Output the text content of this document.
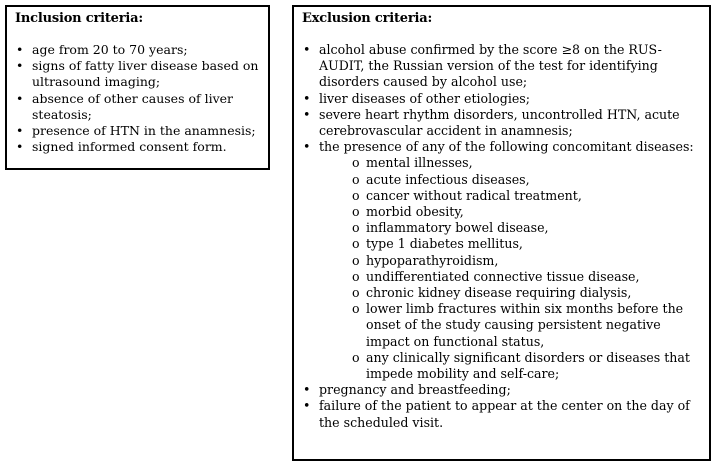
Inclusion criteria:
• age from 20 to 70 years;
• signs of fatty liver disease based on ultrasound imaging;
• absence of other causes of liver steatosis;
• presence of HTN in the anamnesis;
• signed informed consent form.
Exclusion criteria:
• alcohol abuse confirmed by the score ≥8 on the RUS-AUDIT, the Russian version of the test for identifying disorders caused by alcohol use;
• liver diseases of other etiologies;
• severe heart rhythm disorders, uncontrolled HTN, acute cerebrovascular accident in anamnesis;
• the presence of any of the following concomitant diseases:
o mental illnesses,
o acute infectious diseases,
o cancer without radical treatment,
o morbid obesity,
o inflammatory bowel disease,
o type 1 diabetes mellitus,
o hypoparathyroidism,
o undifferentiated connective tissue disease,
o chronic kidney disease requiring dialysis,
o lower limb fractures within six months before the onset of the study causing persistent negative impact on functional status,
o any clinically significant disorders or diseases that impede mobility and self-care;
• pregnancy and breastfeeding;
• failure of the patient to appear at the center on the day of the scheduled visit.
